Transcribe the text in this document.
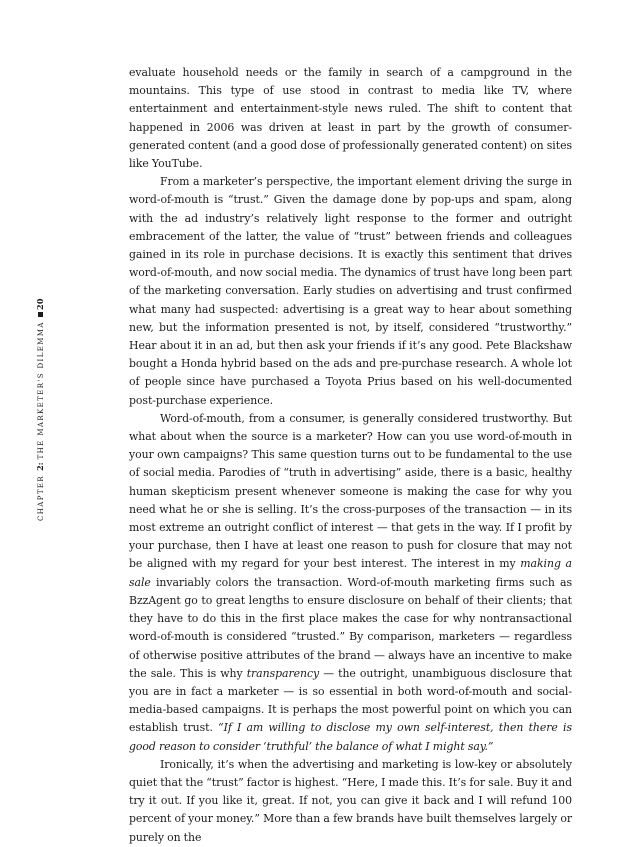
20
CHAPTER2:THE MARKETER'S DILEMMA

evaluate household needs or the family in search of a campground in the mountains. This type of use stood in contrast to media like TV, where entertainment and entertainment-style news ruled. The shift to content that happened in 2006 was driven at least in part by the growth of consumer-generated content (and a good dose of professionally generated content) on sites like YouTube.

From a marketer’s perspective, the important element driving the surge in word-of-mouth is “trust.” Given the damage done by pop-ups and spam, along with the ad industry’s relatively light response to the former and outright embracement of the latter, the value of “trust” between friends and colleagues gained in its role in purchase decisions. It is exactly this sentiment that drives word-of-mouth, and now social media. The dynamics of trust have long been part of the marketing conversation. Early studies on advertising and trust confirmed what many had suspected: advertising is a great way to hear about something new, but the information presented is not, by itself, considered “trustworthy.” Hear about it in an ad, but then ask your friends if it’s any good. Pete Blackshaw bought a Honda hybrid based on the ads and pre-purchase research. A whole lot of people since have purchased a Toyota Prius based on his well-documented post-purchase experience.

Word-of-mouth, from a consumer, is generally considered trustworthy. But what about when the source is a marketer? How can you use word-of-mouth in your own campaigns? This same question turns out to be fundamental to the use of social media. Parodies of “truth in advertising” aside, there is a basic, healthy human skepticism present whenever someone is making the case for why you need what he or she is selling. It’s the cross-purposes of the transaction — in its most extreme an outright conflict of interest — that gets in the way. If I profit by your purchase, then I have at least one reason to push for closure that may not be aligned with my regard for your best interest. The interest in my making a sale invariably colors the transaction. Word-of-mouth marketing firms such as BzzAgent go to great lengths to ensure disclosure on behalf of their clients; that they have to do this in the first place makes the case for why nontransactional word-of-mouth is considered “trusted.” By comparison, marketers — regardless of otherwise positive attributes of the brand — always have an incentive to make the sale. This is why transparency — the outright, unambiguous disclosure that you are in fact a marketer — is so essential in both word-of-mouth and social-media-based campaigns. It is perhaps the most powerful point on which you can establish trust. “If I am willing to disclose my own self-interest, then there is good reason to consider ‘truthful’ the balance of what I might say.”

Ironically, it’s when the advertising and marketing is low-key or absolutely quiet that the “trust” factor is highest. “Here, I made this. It’s for sale. Buy it and try it out. If you like it, great. If not, you can give it back and I will refund 100 percent of your money.” More than a few brands have built themselves largely or purely on the
